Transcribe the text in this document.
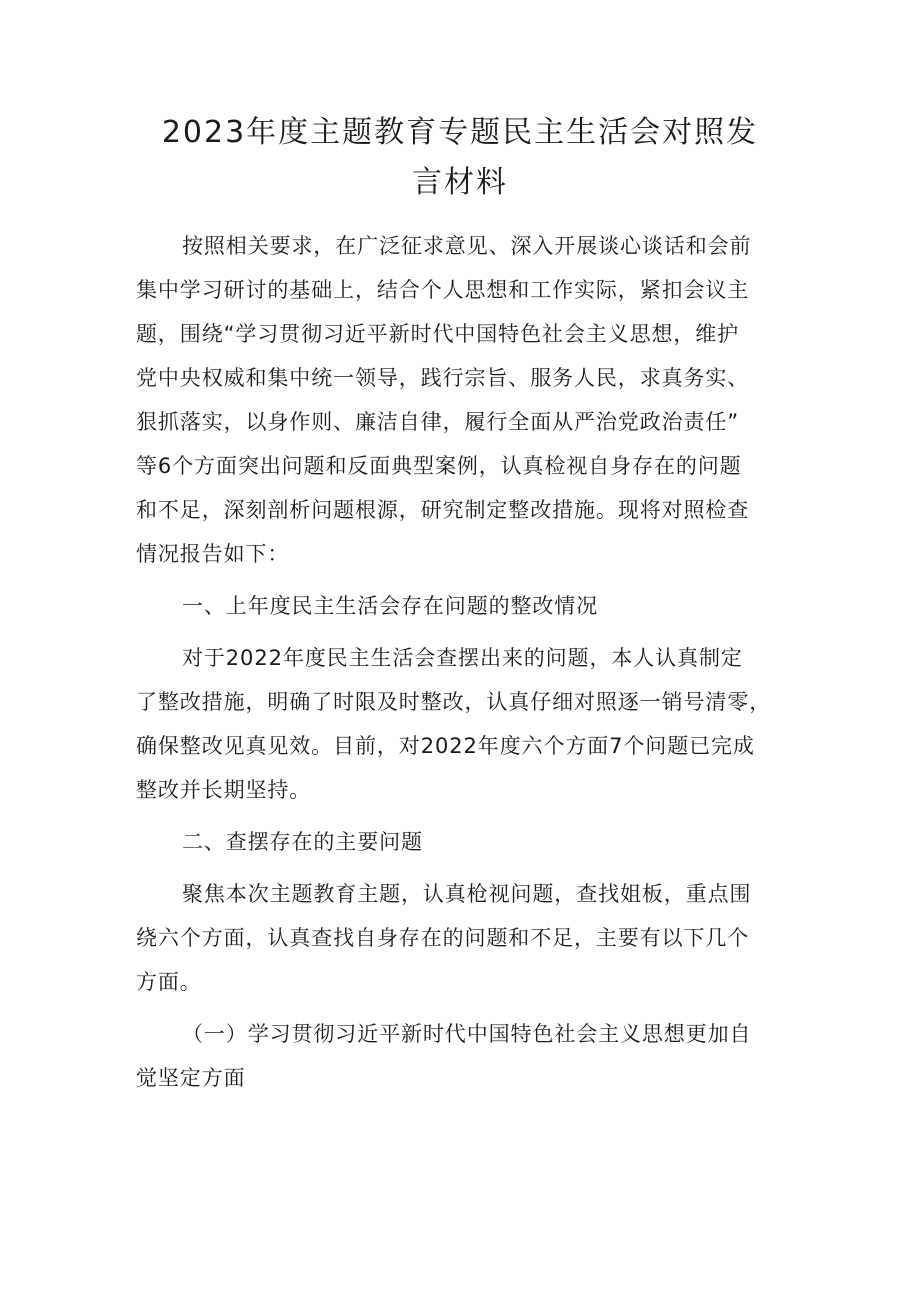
2023年度主题教育专题民主生活会对照发
言材料
按照相关要求，在广泛征求意见、深入开展谈心谈话和会前
集中学习研讨的基础上，结合个人思想和工作实际，紧扣会议主
题，围绕“学习贯彻习近平新时代中国特色社会主义思想，维护
党中央权威和集中统一领导，践行宗旨、服务人民，求真务实、
狠抓落实，以身作则、廉洁自律，履行全面从严治党政治责任”
等6个方面突出问题和反面典型案例，认真检视自身存在的问题
和不足，深刻剖析问题根源，研究制定整改措施。现将对照检查
情况报告如下：
一、上年度民主生活会存在问题的整改情况
对于2022年度民主生活会查摆出来的问题，本人认真制定
了整改措施，明确了时限及时整改，认真仔细对照逐一销号清零，
确保整改见真见效。目前，对2022年度六个方面7个问题已完成
整改并长期坚持。
二、查摆存在的主要问题
聚焦本次主题教育主题，认真枪视问题，查找姐板，重点围
绕六个方面，认真查找自身存在的问题和不足，主要有以下几个
方面。
（一）学习贯彻习近平新时代中国特色社会主义思想更加自
觉坚定方面
